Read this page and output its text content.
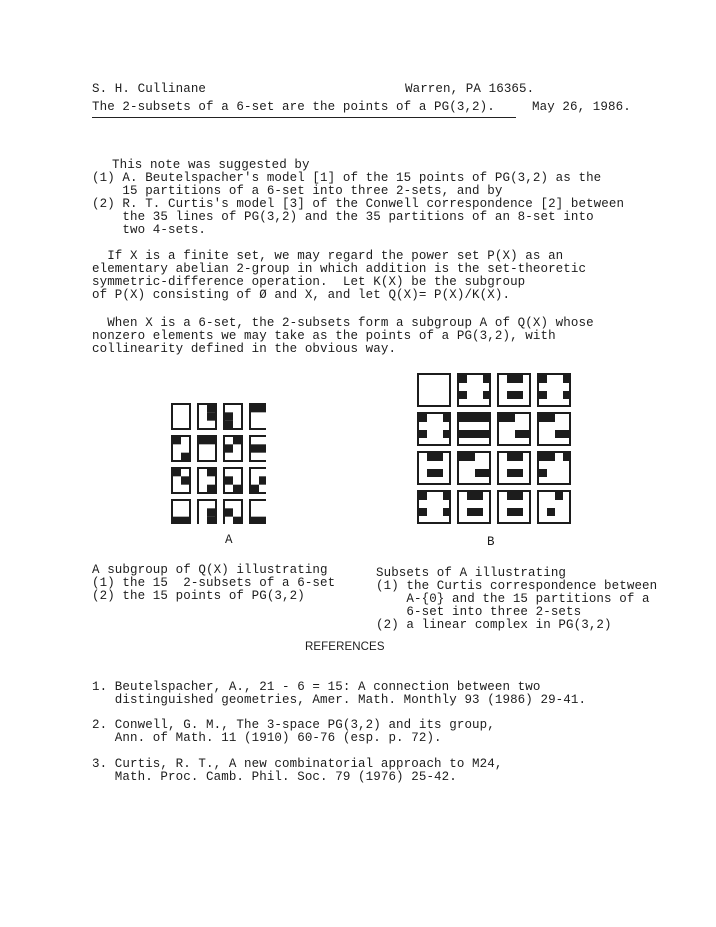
S. H. Cullinane	Warren, PA 16365.
The 2-subsets of a 6-set are the points of a PG(3,2).	May 26, 1986.

This note was suggested by
(1) A. Beutelspacher's model [1] of the 15 points of PG(3,2) as the
15 partitions of a 6-set into three 2-sets, and by
(2) R. T. Curtis's model [3] of the Conwell correspondence [2] between
the 35 lines of PG(3,2) and the 35 partitions of an 8-set into
two 4-sets.

If X is a finite set, we may regard the power set P(X) as an
elementary abelian 2-group in which addition is the set-theoretic
symmetric-difference operation.  Let K(X) be the subgroup
of P(X) consisting of Ø and X, and let Q(X)= P(X)/K(X).

When X is a 6-set, the 2-subsets form a subgroup A of Q(X) whose
nonzero elements we may take as the points of a PG(3,2), with
collinearity defined in the obvious way.

A

A subgroup of Q(X) illustrating
(1) the 15  2-subsets of a 6-set
(2) the 15 points of PG(3,2)

B

Subsets of A illustrating
(1) the Curtis correspondence between
A-{0} and the 15 partitions of a
6-set into three 2-sets
(2) a linear complex in PG(3,2)

REFERENCES

1. Beutelspacher, A., 21 - 6 = 15: A connection between two
distinguished geometries, Amer. Math. Monthly 93 (1986) 29-41.

2. Conwell, G. M., The 3-space PG(3,2) and its group,
Ann. of Math. 11 (1910) 60-76 (esp. p. 72).

3. Curtis, R. T., A new combinatorial approach to M24,
Math. Proc. Camb. Phil. Soc. 79 (1976) 25-42.
